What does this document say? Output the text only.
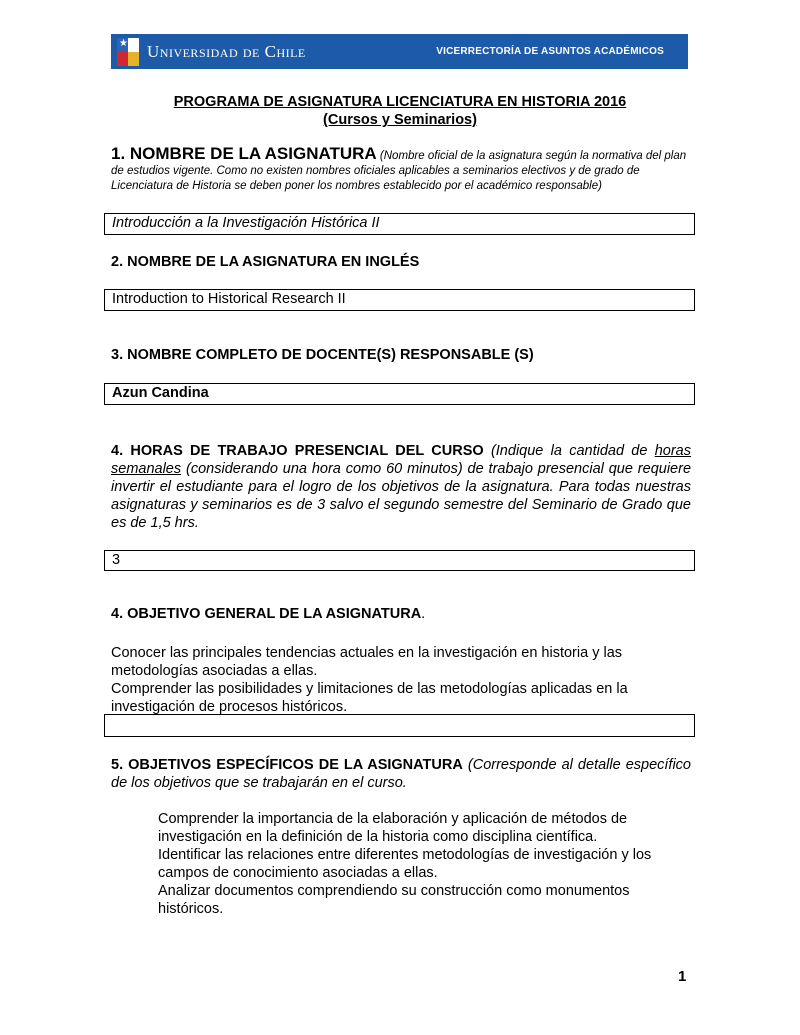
★ Universidad de Chile	VICERRECTORÍA DE ASUNTOS ACADÉMICOS
PROGRAMA DE ASIGNATURA LICENCIATURA EN HISTORIA 2016
(Cursos y Seminarios)
1. NOMBRE DE LA ASIGNATURA (Nombre oficial de la asignatura según la normativa del plan de estudios vigente. Como no existen nombres oficiales aplicables a seminarios electivos y de grado de Licenciatura de Historia se deben poner los nombres establecido por el académico responsable)
Introducción a la Investigación Histórica II
2. NOMBRE DE LA ASIGNATURA EN INGLÉS
Introduction to Historical Research II
3. NOMBRE COMPLETO DE DOCENTE(S) RESPONSABLE (S)
Azun Candina
4. HORAS DE TRABAJO PRESENCIAL DEL CURSO (Indique la cantidad de horas semanales (considerando una hora como 60 minutos) de trabajo presencial que requiere invertir el estudiante para el logro de los objetivos de la asignatura. Para todas nuestras asignaturas y seminarios es de 3 salvo el segundo semestre del Seminario de Grado que es de 1,5 hrs.
3
4. OBJETIVO GENERAL DE LA ASIGNATURA.
Conocer las principales tendencias actuales en la investigación en historia y las metodologías asociadas a ellas.
Comprender las posibilidades y limitaciones de las metodologías aplicadas en la investigación de procesos históricos.
5. OBJETIVOS ESPECÍFICOS DE LA ASIGNATURA (Corresponde al detalle específico de los objetivos que se trabajarán en el curso.
Comprender la importancia de la elaboración y aplicación de métodos de investigación en la definición de la historia como disciplina científica.
Identificar las relaciones entre diferentes metodologías de investigación y los campos de conocimiento asociadas a ellas.
Analizar documentos comprendiendo su construcción como monumentos históricos.
1
